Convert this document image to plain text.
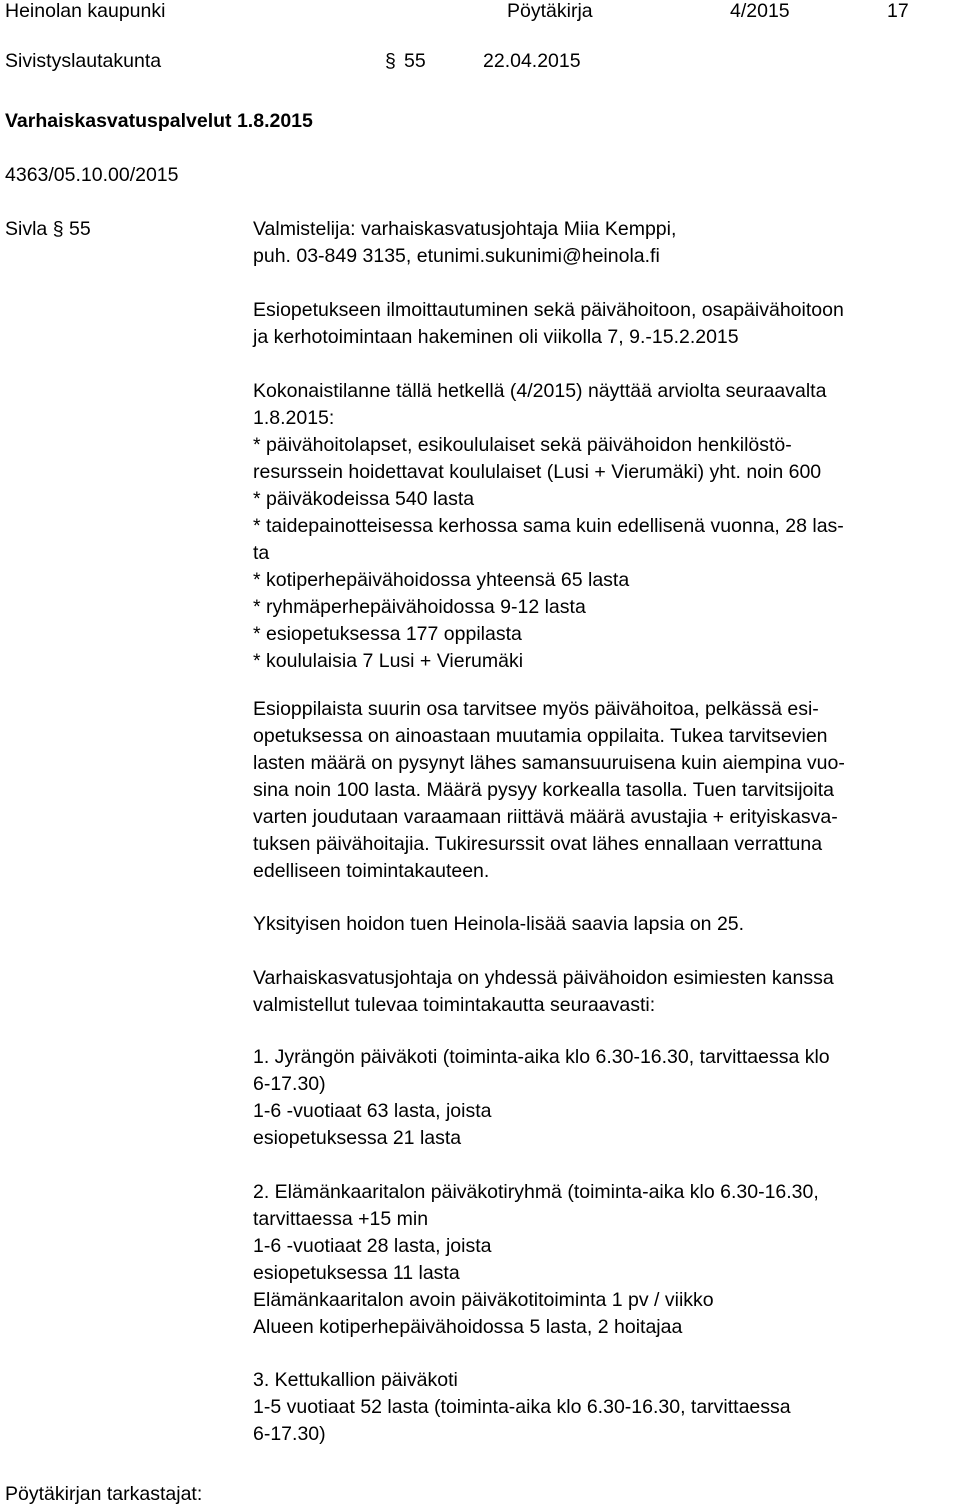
Heinolan kaupunki	Pöytäkirja	4/2015	17
Sivistyslautakunta	§ 55	22.04.2015
Varhaiskasvatuspalvelut 1.8.2015
4363/05.10.00/2015
Sivla § 55	Valmistelija: varhaiskasvatusjohtaja Miia Kemppi,
puh. 03-849 3135, etunimi.sukunimi@heinola.fi
Esiopetukseen ilmoittautuminen sekä päivähoitoon, osapäivähoitoon
ja kerhotoimintaan hakeminen oli viikolla 7, 9.-15.2.2015
Kokonaistilanne tällä hetkellä (4/2015) näyttää arviolta seuraavalta
1.8.2015:
* päivähoitolapset, esikoululaiset sekä päivähoidon henkilöstö-
resurssein hoidettavat koululaiset (Lusi + Vierumäki) yht. noin 600
* päiväkodeissa 540 lasta
* taidepainotteisessa kerhossa sama kuin edellisenä vuonna, 28 las-
ta
* kotiperhepäivähoidossa yhteensä 65 lasta
* ryhmäperhepäivähoidossa 9-12 lasta
* esiopetuksessa 177 oppilasta
* koululaisia 7 Lusi + Vierumäki
Esioppilaista suurin osa tarvitsee myös päivähoitoa, pelkässä esi-
opetuksessa on ainoastaan muutamia oppilaita. Tukea tarvitsevien
lasten määrä on pysynyt lähes samansuuruisena kuin aiempina vuo-
sina noin 100 lasta. Määrä pysyy korkealla tasolla. Tuen tarvitsijoita
varten joudutaan varaamaan riittävä määrä avustajia + erityiskasva-
tuksen päivähoitajia. Tukiresurssit ovat lähes ennallaan verrattuna
edelliseen toimintakauteen.
Yksityisen hoidon tuen Heinola-lisää saavia lapsia on 25.
Varhaiskasvatusjohtaja on yhdessä päivähoidon esimiesten kanssa
valmistellut tulevaa toimintakautta seuraavasti:
1. Jyrängön päiväkoti (toiminta-aika klo 6.30-16.30, tarvittaessa klo
6-17.30)
1-6 -vuotiaat 63 lasta, joista
esiopetuksessa 21 lasta
2. Elämänkaaritalon päiväkotiryhmä (toiminta-aika klo 6.30-16.30,
tarvittaessa +15 min
1-6 -vuotiaat 28 lasta, joista
esiopetuksessa 11 lasta
Elämänkaaritalon avoin päiväkotitoiminta 1 pv / viikko
Alueen kotiperhepäivähoidossa 5 lasta, 2 hoitajaa
3. Kettukallion päiväkoti
1-5 vuotiaat 52 lasta (toiminta-aika klo 6.30-16.30, tarvittaessa
6-17.30)
Pöytäkirjan tarkastajat:
